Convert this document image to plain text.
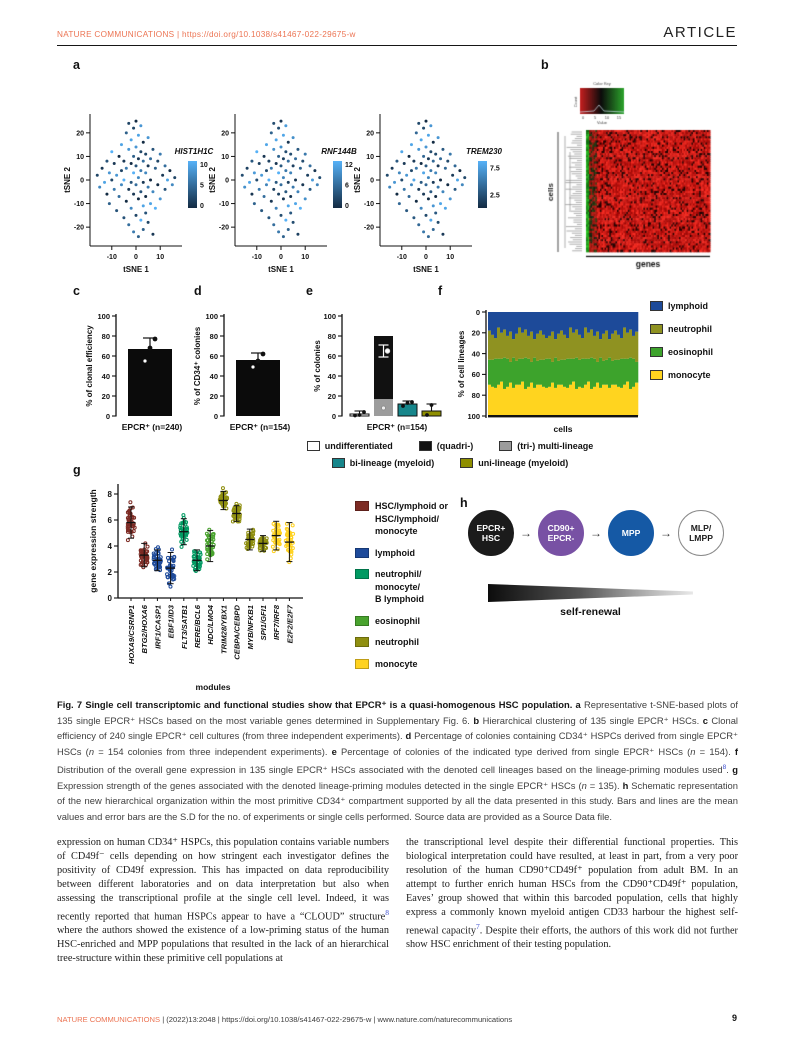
NATURE COMMUNICATIONS | https://doi.org/10.1038/s41467-022-29675-w	ARTICLE
a
20
10
0
-10
-20
-10 0	10
tSNE 2
tSNE 1
HIST1H1C
10
5
0
20
10
0
-10
-20
-10 0	10
tSNE 2
tSNE 1
RNF144B
12
6
0
20
10
0
-10
-20
-10 0	10
tSNE 2
tSNE 1
TREM230
7.5
2.5
b
c
0
20
40
60
80
100
% of clonal efficiency
EPCR⁺ (n=240)
d
0
20
40
60
80
100
% of CD34⁺ colonies
EPCR⁺ (n=154)
e
0
20
40
60
80
100
% of colonies
EPCR⁺ (n=154)
f
0
20
40
60
80
100
% of cell lineages
cells
lymphoid
neutrophil
eosinophil
monocyte
undifferentiated	(quadri-)	(tri-) multi-lineage
bi-lineage (myeloid)	uni-lineage (myeloid)
g
0
2
4
6
8
gene expression strength
HOXA9/CSRNP1 BTG2/HOXA6 IRF1/CASP1 EBF1/ID3 FLT3/SATB1 RERE/BCL6 HDC/LMO4 TRIM28/YBX1 CEBPA/CEBPD MYB/NFKB1 SPI1/GFI1 IRF7/IRF8 E2F2/E2F7
modules
HSC/lymphoid or
HSC/lymphoid/
monocyte
lymphoid
neutrophil/
monocyte/
B lymphoid
eosinophil
neutrophil
monocyte
h
EPCR+
HSC → CD90+
EPCR- → MPP → MLP/
LMPP
self-renewal
Fig. 7 Single cell transcriptomic and functional studies show that EPCR⁺ is a quasi-homogenous HSC population. a Representative t-SNE-based plots of 135 single EPCR⁺ HSCs based on the most variable genes determined in Supplementary Fig. 6. b Hierarchical clustering of 135 single EPCR⁺ HSCs. c Clonal efficiency of 240 single EPCR⁺ cell cultures (from three independent experiments). d Percentage of colonies containing CD34⁺ HSPCs derived from single EPCR⁺ HSCs (n = 154 colonies from three independent experiments). e Percentage of colonies of the indicated type derived from single EPCR⁺ HSCs (n = 154). f Distribution of the overall gene expression in 135 single EPCR⁺ HSCs associated with the denoted cell lineages based on the lineage-priming modules used$^8$. g Expression strength of the genes associated with the denoted lineage-priming modules detected in the single EPCR⁺ HSCs (n = 135). h Schematic representation of the new hierarchical organization within the most primitive CD34⁺ compartment supported by all the data presented in this study. Bars and lines are the mean values and error bars are the S.D for the no. of experiments or single cells performed. Source data are provided as a Source Data file.
expression on human CD34⁺ HSPCs, this population contains variable numbers of CD49f⁻ cells depending on how stringent each investigator defines the positivity of CD49f expression. This has impacted on data reproducibility between different laboratories and on data interpretation but also when assessing the transcriptional profile at the single cell level. Indeed, it was recently reported that human HSPCs appear to have a “CLOUD” structure$^8$ where the authors showed the existence of a low-priming status of the human HSC-enriched and MPP populations that resulted in the lack of an hierarchical tree-structure within these primitive cell populations at
the transcriptional level despite their differential functional properties. This biological interpretation could have resulted, at least in part, from a very poor resolution of the human CD90⁺CD49f⁺ population from adult BM. In an attempt to further enrich human HSCs from the CD90⁺CD49f⁺ population, Eaves’ group showed that within this barcoded population, cells that highly express a commonly known myeloid antigen CD33 harbour the highest self-renewal capacity$^7$. Despite their efforts, the authors of this work did not further show HSC enrichment of their testing population.
NATURE COMMUNICATIONS | (2022)13:2048 | https://doi.org/10.1038/s41467-022-29675-w | www.nature.com/naturecommunications	9
